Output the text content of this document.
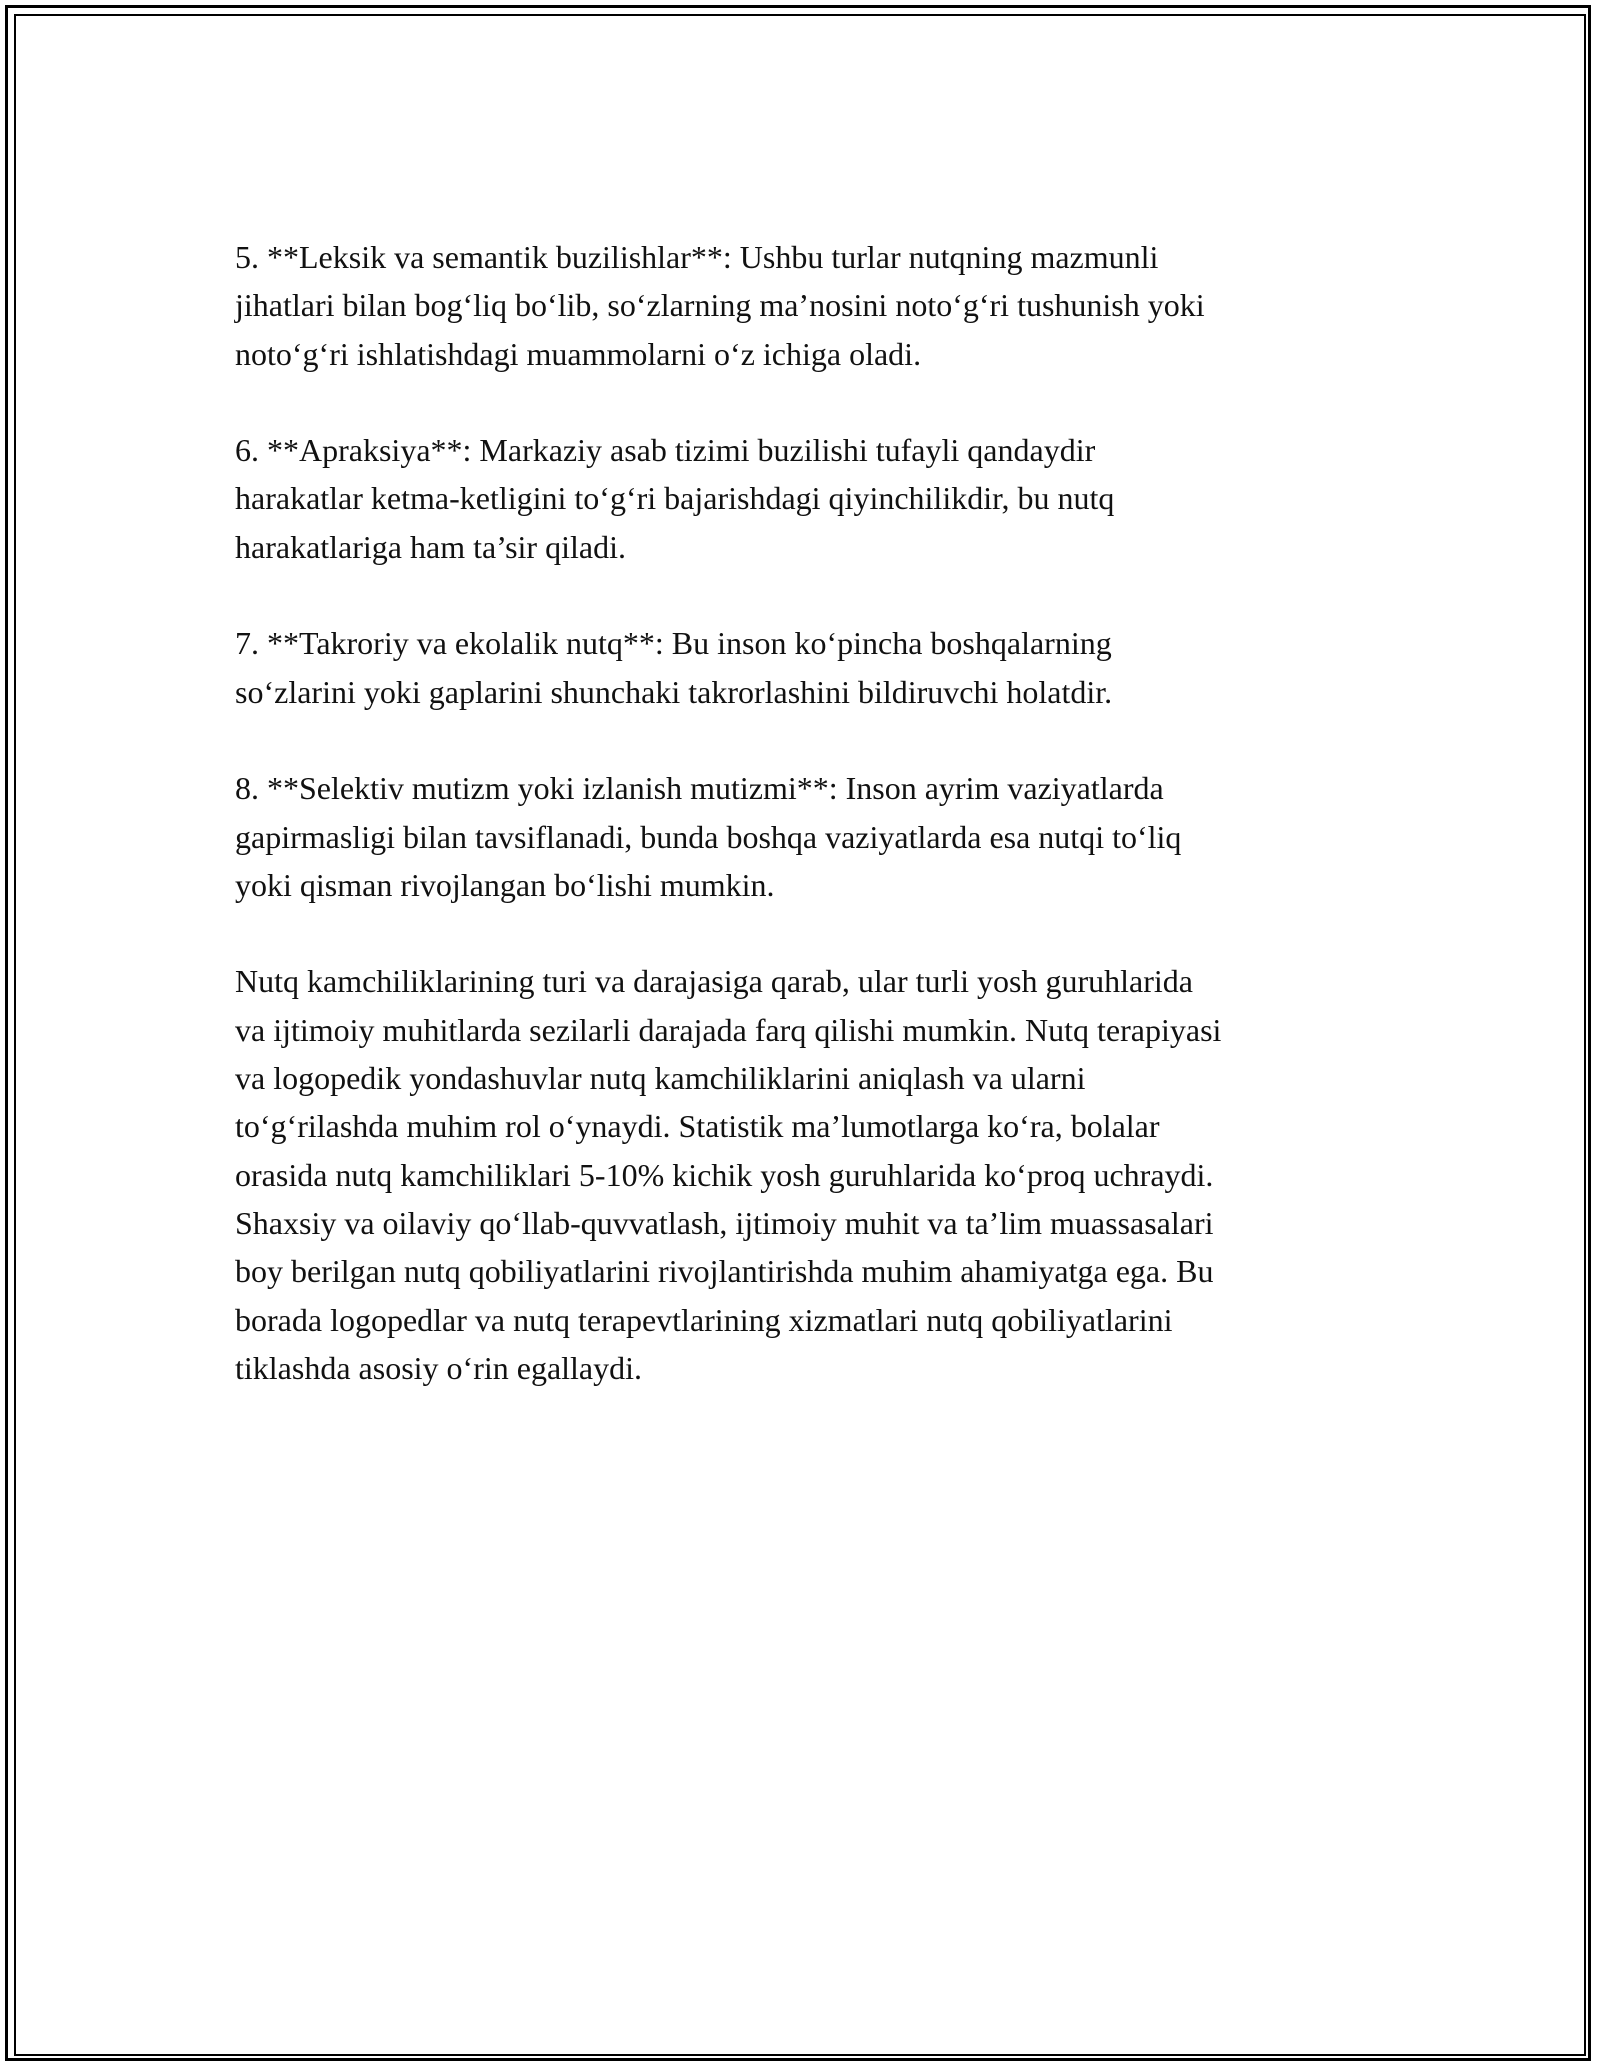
5. **Leksik va semantik buzilishlar**: Ushbu turlar nutqning mazmunli
jihatlari bilan bog‘liq bo‘lib, so‘zlarning ma’nosini noto‘g‘ri tushunish yoki
noto‘g‘ri ishlatishdagi muammolarni o‘z ichiga oladi.

6. **Apraksiya**: Markaziy asab tizimi buzilishi tufayli qandaydir
harakatlar ketma-ketligini to‘g‘ri bajarishdagi qiyinchilikdir, bu nutq
harakatlariga ham ta’sir qiladi.

7. **Takroriy va ekolalik nutq**: Bu inson ko‘pincha boshqalarning
so‘zlarini yoki gaplarini shunchaki takrorlashini bildiruvchi holatdir.

8. **Selektiv mutizm yoki izlanish mutizmi**: Inson ayrim vaziyatlarda
gapirmasligi bilan tavsiflanadi, bunda boshqa vaziyatlarda esa nutqi to‘liq
yoki qisman rivojlangan bo‘lishi mumkin.

Nutq kamchiliklarining turi va darajasiga qarab, ular turli yosh guruhlarida
va ijtimoiy muhitlarda sezilarli darajada farq qilishi mumkin. Nutq terapiyasi
va logopedik yondashuvlar nutq kamchiliklarini aniqlash va ularni
to‘g‘rilashda muhim rol o‘ynaydi. Statistik ma’lumotlarga ko‘ra, bolalar
orasida nutq kamchiliklari 5-10% kichik yosh guruhlarida ko‘proq uchraydi.
Shaxsiy va oilaviy qo‘llab-quvvatlash, ijtimoiy muhit va ta’lim muassasalari
boy berilgan nutq qobiliyatlarini rivojlantirishda muhim ahamiyatga ega. Bu
borada logopedlar va nutq terapevtlarining xizmatlari nutq qobiliyatlarini
tiklashda asosiy o‘rin egallaydi.
